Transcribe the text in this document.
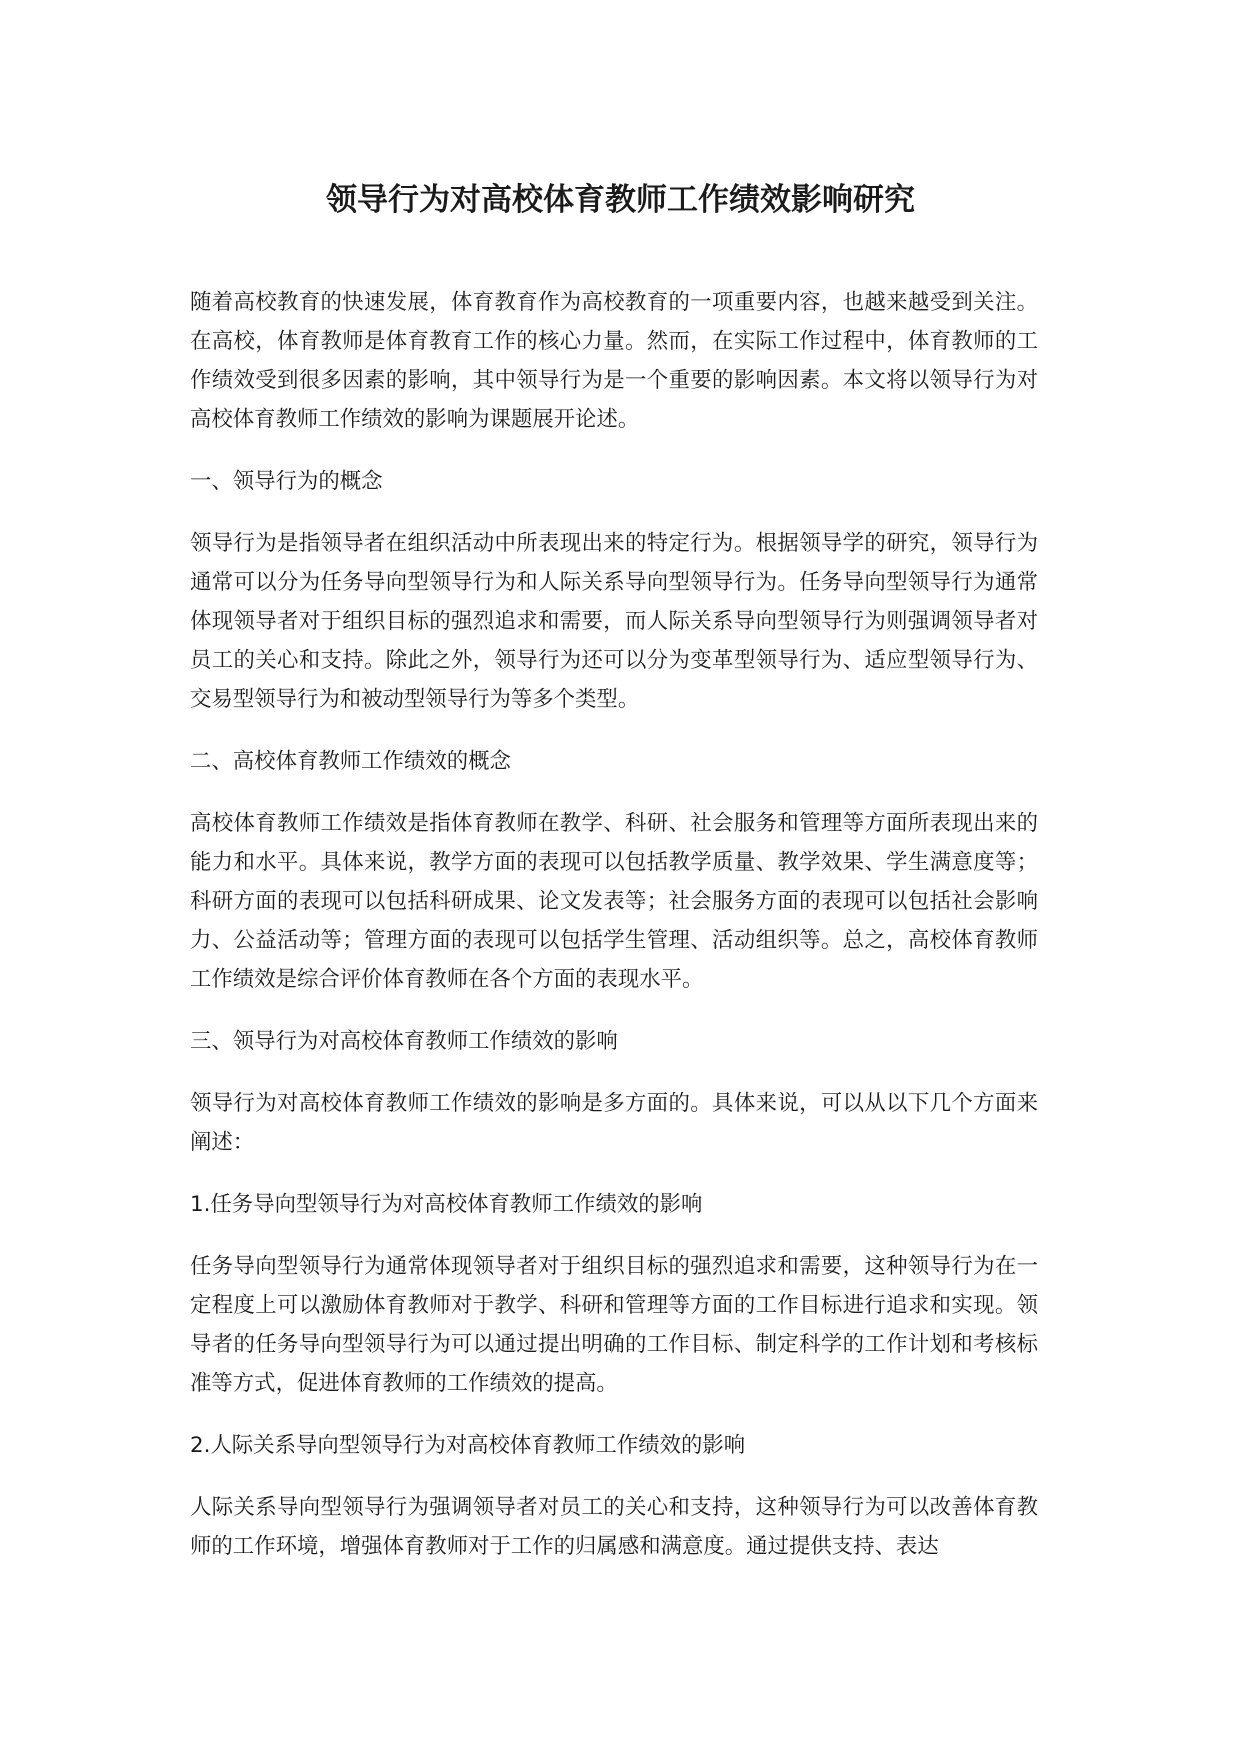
领导行为对高校体育教师工作绩效影响研究

随着高校教育的快速发展，体育教育作为高校教育的一项重要内容，也越来越受到关注。在高校，体育教师是体育教育工作的核心力量。然而，在实际工作过程中，体育教师的工作绩效受到很多因素的影响，其中领导行为是一个重要的影响因素。本文将以领导行为对高校体育教师工作绩效的影响为课题展开论述。

一、领导行为的概念

领导行为是指领导者在组织活动中所表现出来的特定行为。根据领导学的研究，领导行为通常可以分为任务导向型领导行为和人际关系导向型领导行为。任务导向型领导行为通常体现领导者对于组织目标的强烈追求和需要，而人际关系导向型领导行为则强调领导者对员工的关心和支持。除此之外，领导行为还可以分为变革型领导行为、适应型领导行为、交易型领导行为和被动型领导行为等多个类型。

二、高校体育教师工作绩效的概念

高校体育教师工作绩效是指体育教师在教学、科研、社会服务和管理等方面所表现出来的能力和水平。具体来说，教学方面的表现可以包括教学质量、教学效果、学生满意度等；科研方面的表现可以包括科研成果、论文发表等；社会服务方面的表现可以包括社会影响力、公益活动等；管理方面的表现可以包括学生管理、活动组织等。总之，高校体育教师工作绩效是综合评价体育教师在各个方面的表现水平。

三、领导行为对高校体育教师工作绩效的影响

领导行为对高校体育教师工作绩效的影响是多方面的。具体来说，可以从以下几个方面来阐述：

1.任务导向型领导行为对高校体育教师工作绩效的影响

任务导向型领导行为通常体现领导者对于组织目标的强烈追求和需要，这种领导行为在一定程度上可以激励体育教师对于教学、科研和管理等方面的工作目标进行追求和实现。领导者的任务导向型领导行为可以通过提出明确的工作目标、制定科学的工作计划和考核标准等方式，促进体育教师的工作绩效的提高。

2.人际关系导向型领导行为对高校体育教师工作绩效的影响

人际关系导向型领导行为强调领导者对员工的关心和支持，这种领导行为可以改善体育教师的工作环境，增强体育教师对于工作的归属感和满意度。通过提供支持、表达
